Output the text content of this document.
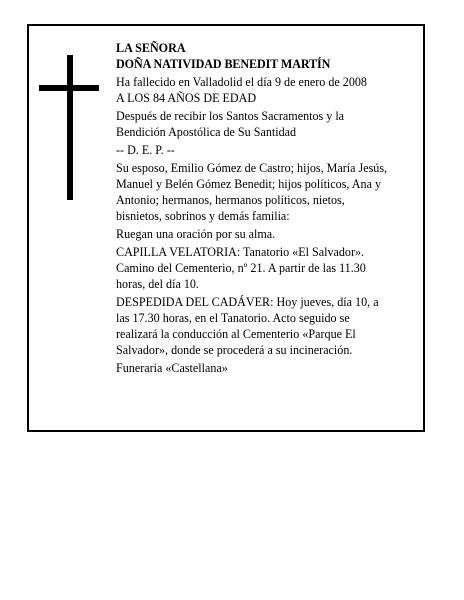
LA SEÑORA

DOÑA NATIVIDAD BENEDIT MARTÍN

Ha fallecido en Valladolid el día 9 de enero de 2008

A LOS 84 AÑOS DE EDAD

Después de recibir los Santos Sacramentos y la

Bendición Apostólica de Su Santidad

-- D. E. P. --

Su esposo, Emilio Gómez de Castro; hijos, María Jesús,

Manuel y Belén Gómez Benedit; hijos políticos, Ana y

Antonio; hermanos, hermanos políticos, nietos,

bisnietos, sobrinos y demás familia:

Ruegan una oración por su alma.

CAPILLA VELATORIA: Tanatorio «El Salvador».

Camino del Cementerio, nº 21. A partir de las 11.30

horas, del día 10.

DESPEDIDA DEL CADÁVER: Hoy jueves, día 10, a

las 17.30 horas, en el Tanatorio. Acto seguido se

realizará la conducción al Cementerio «Parque El

Salvador», donde se procederá a su incineración.

Funeraria «Castellana»
